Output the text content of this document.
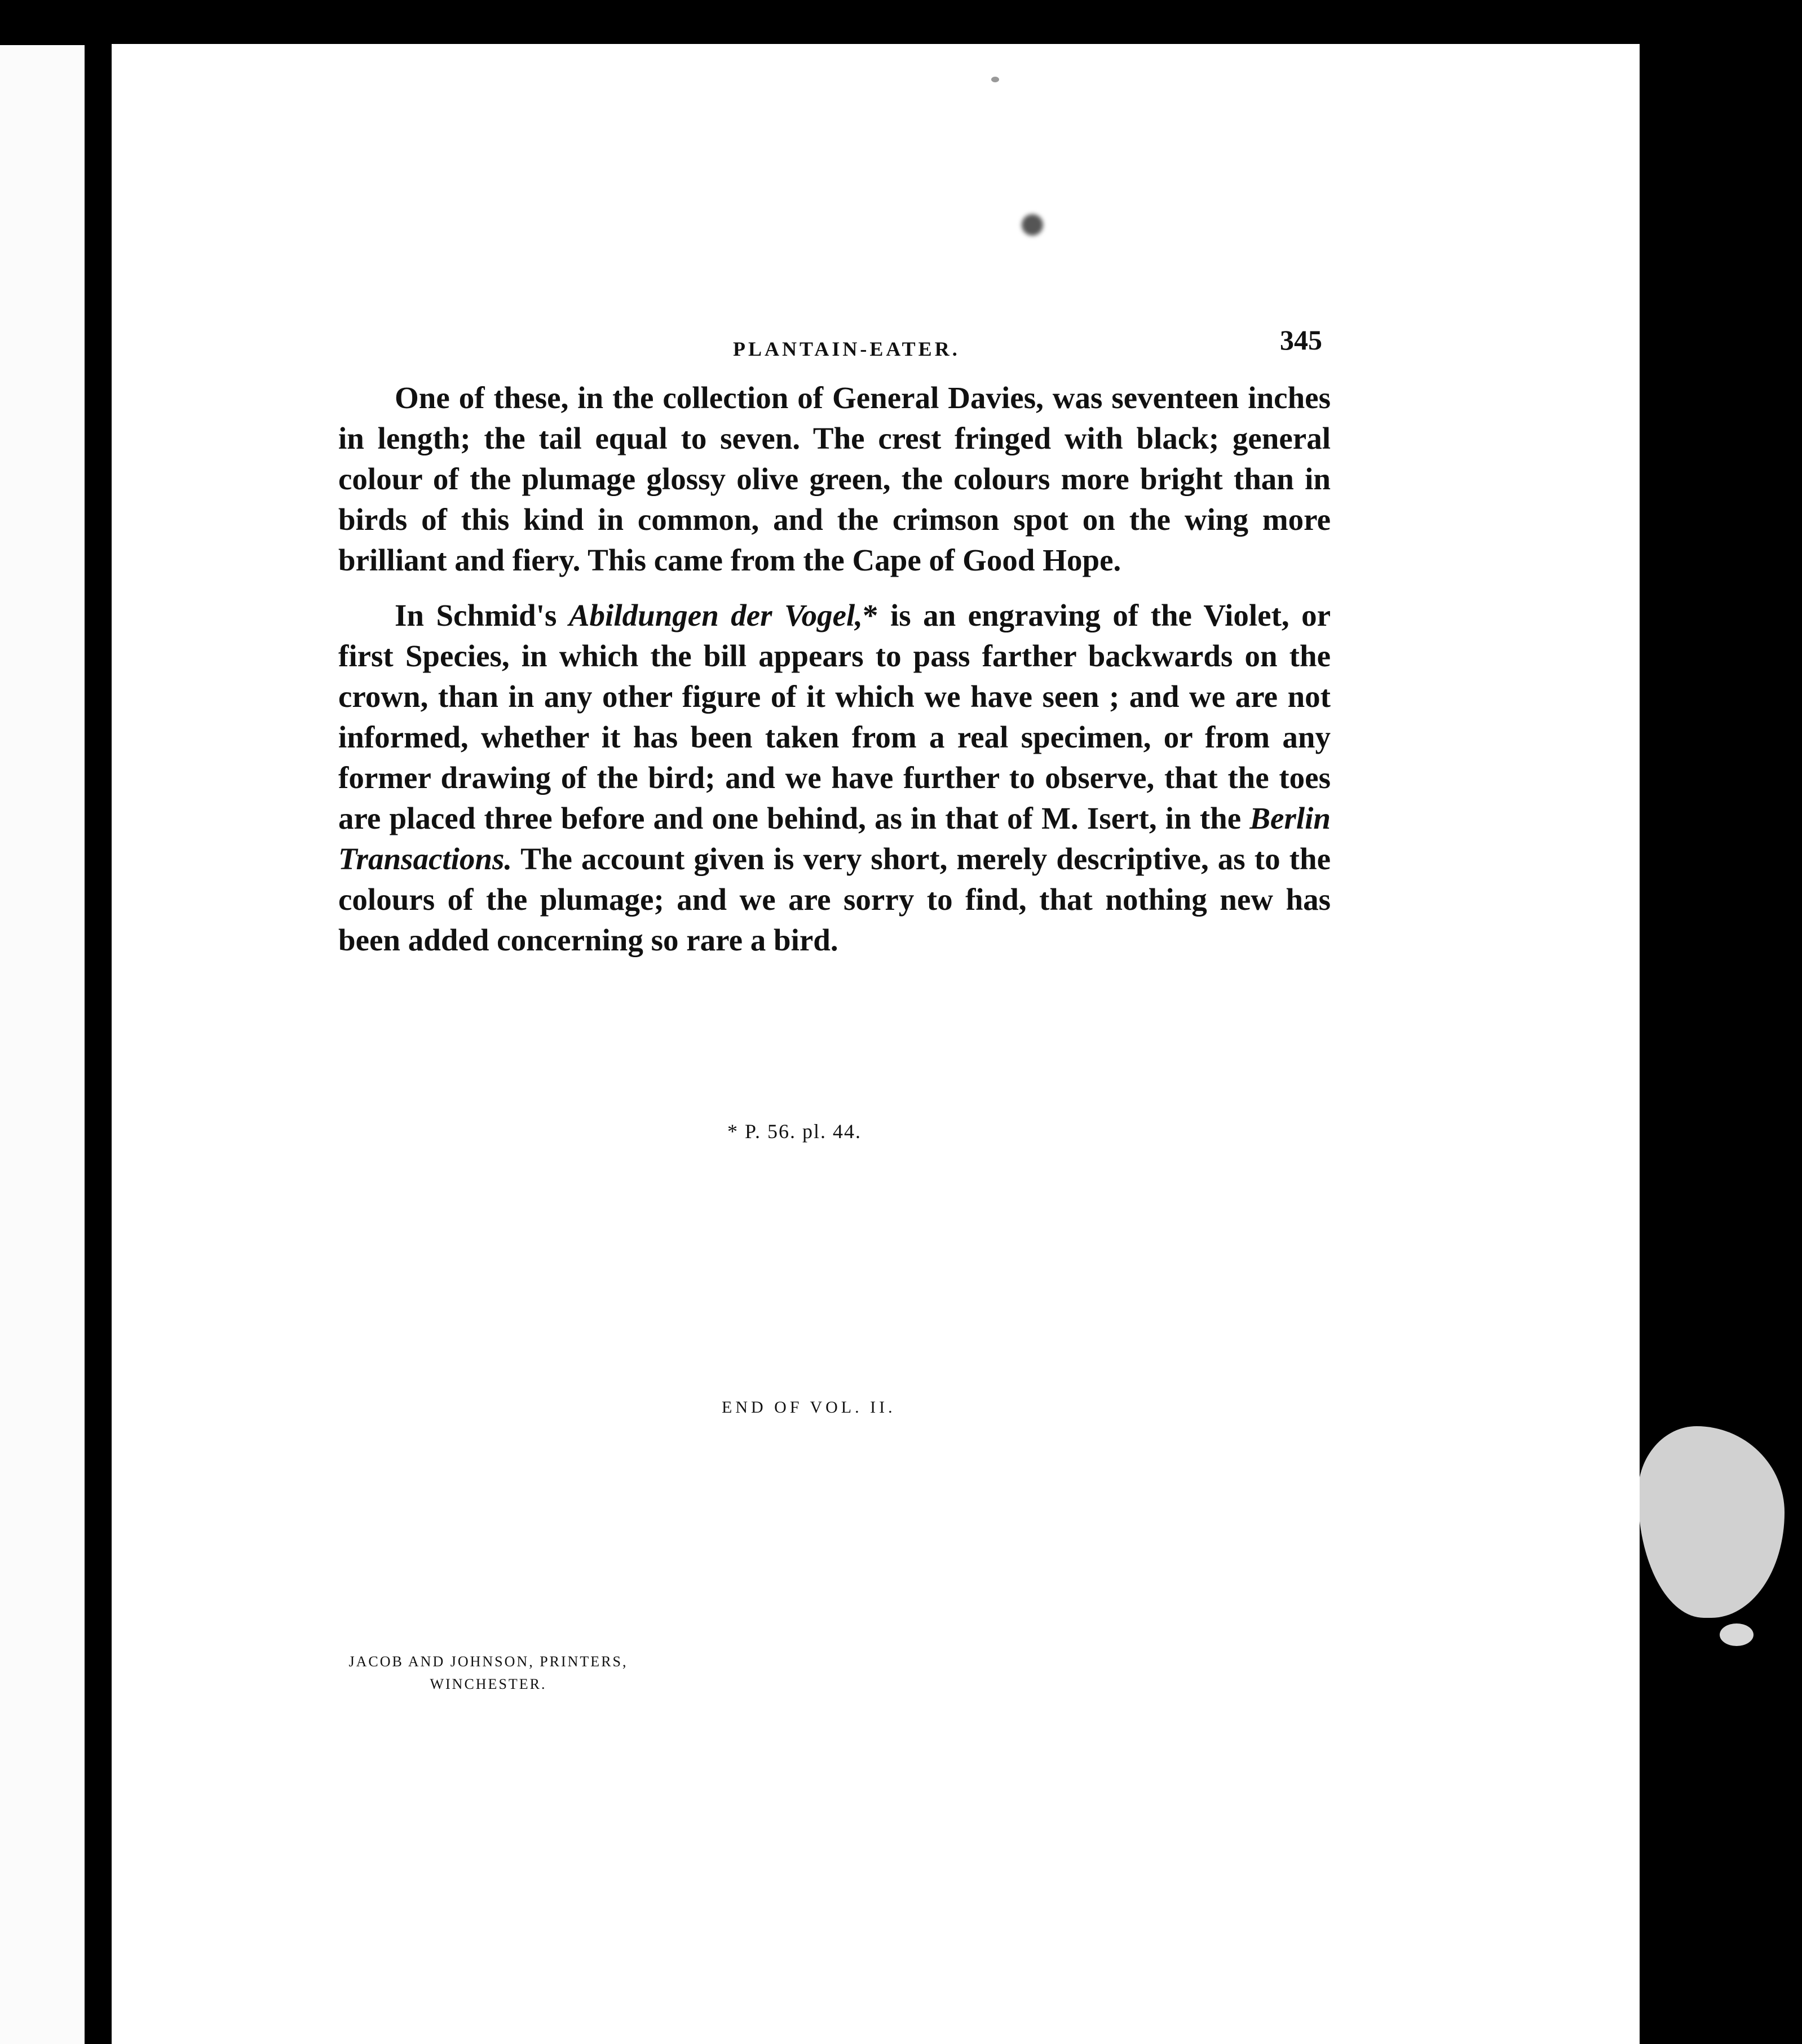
PLANTAIN-EATER.	345

One of these, in the collection of General Davies, was seventeen inches in length; the tail equal to seven. The crest fringed with black; general colour of the plumage glossy olive green, the colours more bright than in birds of this kind in common, and the crimson spot on the wing more brilliant and fiery. This came from the Cape of Good Hope.

In Schmid's Abildungen der Vogel,* is an engraving of the Violet, or first Species, in which the bill appears to pass farther backwards on the crown, than in any other figure of it which we have seen ; and we are not informed, whether it has been taken from a real specimen, or from any former drawing of the bird; and we have further to observe, that the toes are placed three before and one behind, as in that of M. Isert, in the Berlin Transactions. The account given is very short, merely descriptive, as to the colours of the plumage; and we are sorry to find, that nothing new has been added concerning so rare a bird.

* P. 56. pl. 44.
END OF VOL. II.
JACOB AND JOHNSON, PRINTERS,
WINCHESTER.
